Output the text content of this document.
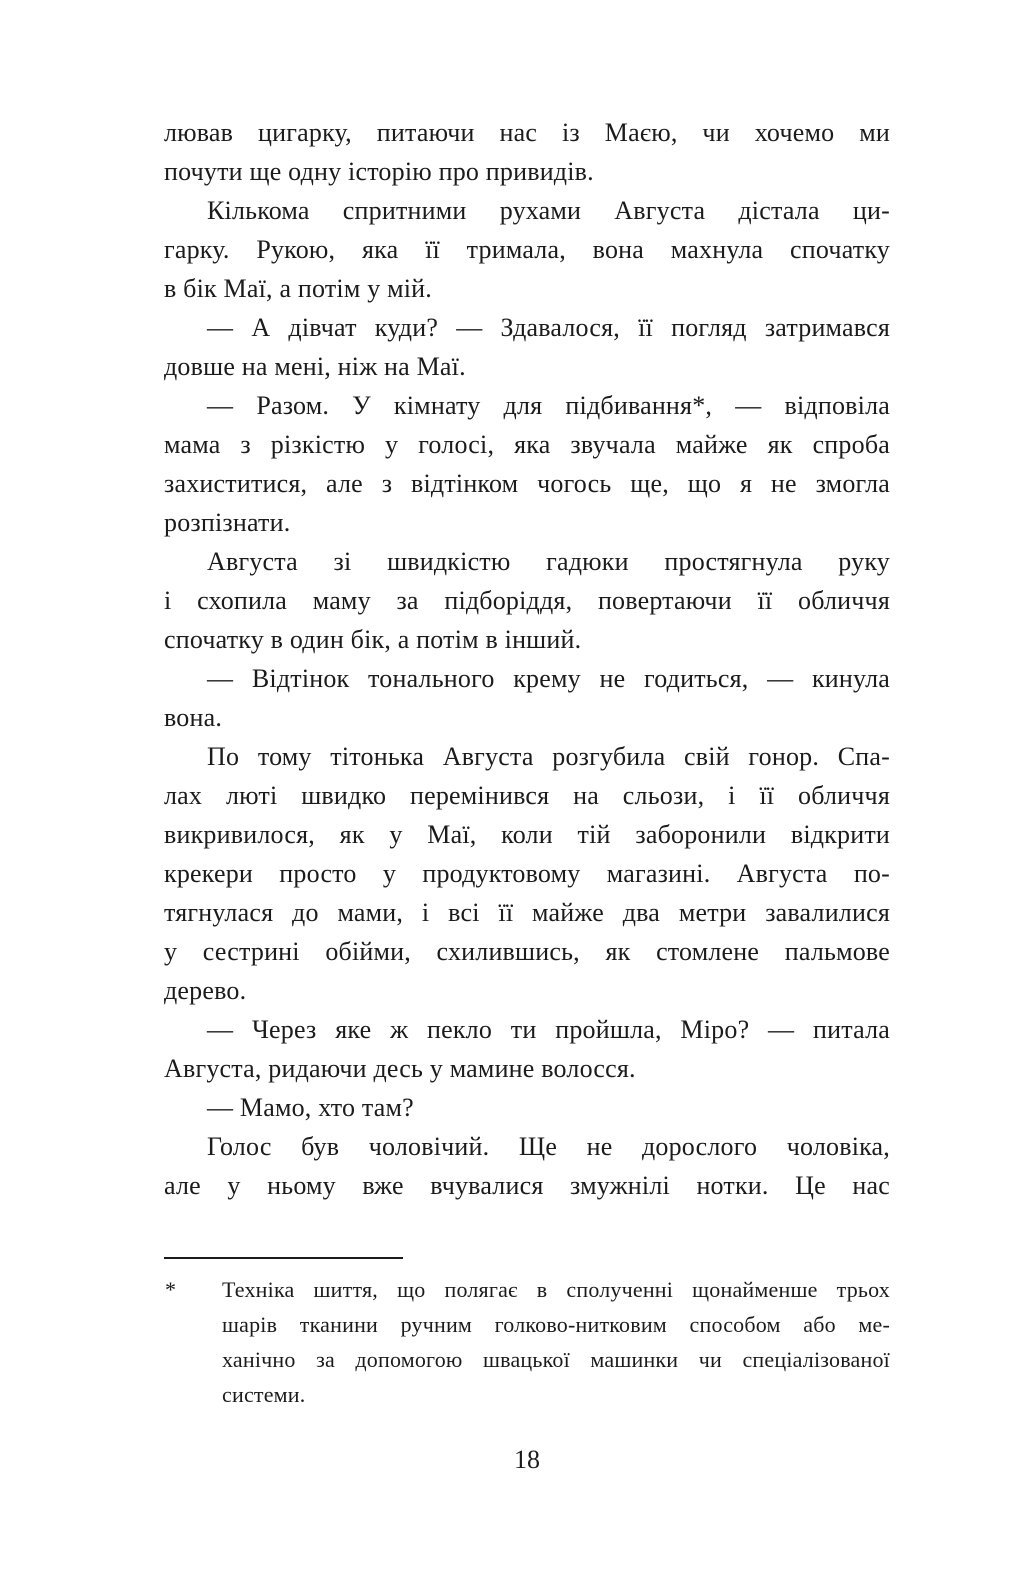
лював цигарку, питаючи нас із Маєю, чи хочемо ми
почути ще одну історію про привидів.
Кількома спритними рухами Августа дістала ци-
гарку. Рукою, яка її тримала, вона махнула спочатку
в бік Маї, а потім у мій.
— А дівчат куди? — Здавалося, її погляд затримався
довше на мені, ніж на Маї.
— Разом. У кімнату для підбивання*, — відповіла
мама з різкістю у голосі, яка звучала майже як спроба
захиститися, але з відтінком чогось ще, що я не змогла
розпізнати.
Августа зі швидкістю гадюки простягнула руку
і схопила маму за підборіддя, повертаючи її обличчя
спочатку в один бік, а потім в інший.
— Відтінок тонального крему не годиться, — кинула
вона.
По тому тітонька Августа розгубила свій гонор. Спа-
лах люті швидко перемінився на сльози, і її обличчя
викривилося, як у Маї, коли тій заборонили відкрити
крекери просто у продуктовому магазині. Августа по-
тягнулася до мами, і всі її майже два метри завалилися
у сестрині обійми, схилившись, як стомлене пальмове
дерево.
— Через яке ж пекло ти пройшла, Міро? — питала
Августа, ридаючи десь у мамине волосся.
— Мамо, хто там?
Голос був чоловічий. Ще не дорослого чоловіка,
але у ньому вже вчувалися змужнілі нотки. Це нас
* Техніка шиття, що полягає в сполученні щонайменше трьох
шарів тканини ручним голково-нитковим способом або ме-
ханічно за допомогою швацької машинки чи спеціалізованої
системи.
18
